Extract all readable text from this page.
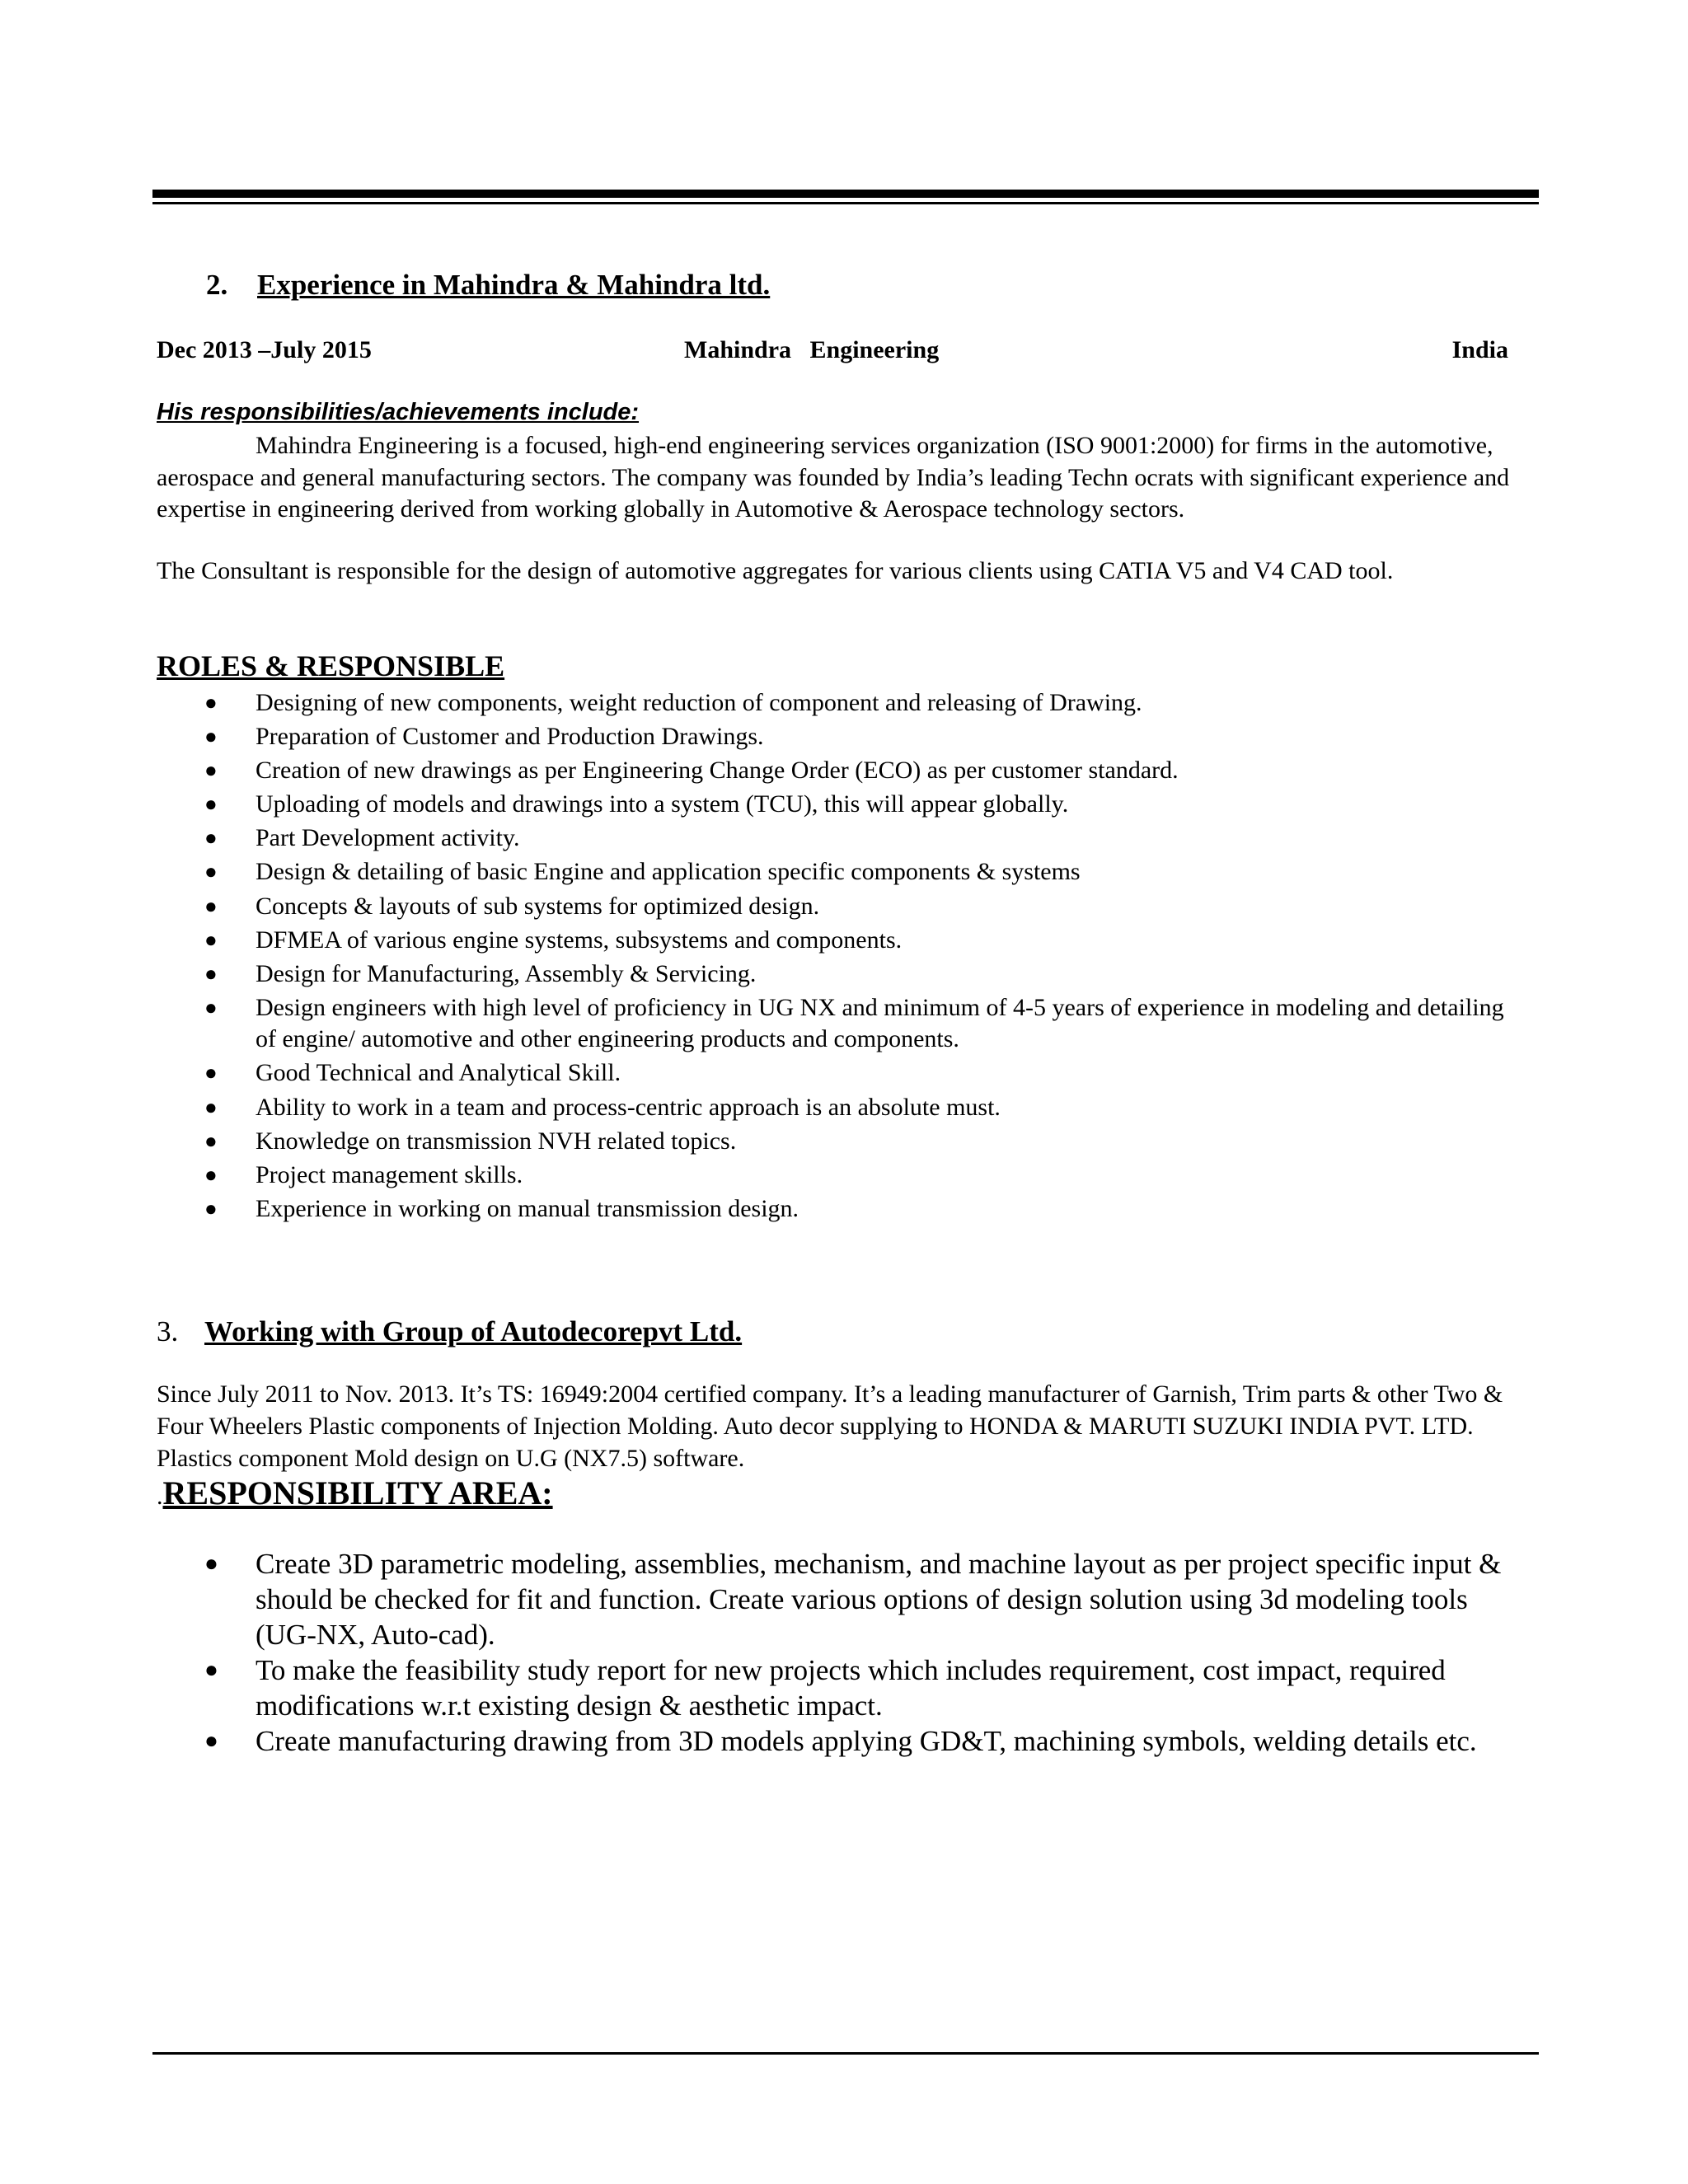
2. Experience in Mahindra & Mahindra ltd.
Dec 2013 –July 2015	Mahindra   Engineering	India
His responsibilities/achievements include:
Mahindra Engineering is a focused, high-end engineering services organization (ISO 9001:2000) for firms in the automotive, aerospace and general manufacturing sectors. The company was founded by India’s leading Techn ocrats with significant experience and expertise in engineering derived from working globally in Automotive & Aerospace technology sectors.
The Consultant is responsible for the design of automotive aggregates for various clients using CATIA V5 and V4 CAD tool.
ROLES & RESPONSIBLE
● Designing of new components, weight reduction of component and releasing of Drawing.
● Preparation of Customer and Production Drawings.
● Creation of new drawings as per Engineering Change Order (ECO) as per customer standard.
● Uploading of models and drawings into a system (TCU), this will appear globally.
● Part Development activity.
● Design & detailing of basic Engine and application specific components & systems
● Concepts & layouts of sub systems for optimized design.
● DFMEA of various engine systems, subsystems and components.
● Design for Manufacturing, Assembly & Servicing.
● Design engineers with high level of proficiency in UG NX and minimum of 4-5 years of experience in modeling and detailing of engine/ automotive and other engineering products and components.
● Good Technical and Analytical Skill.
● Ability to work in a team and process-centric approach is an absolute must.
● Knowledge on transmission NVH related topics.
● Project management skills.
● Experience in working on manual transmission design.
3. Working with Group of Autodecorepvt Ltd.
Since July 2011 to Nov. 2013. It’s TS: 16949:2004 certified company. It’s a leading manufacturer of Garnish, Trim parts & other Two & Four Wheelers Plastic components of Injection Molding. Auto decor supplying to HONDA & MARUTI SUZUKI INDIA PVT. LTD. Plastics component Mold design on U.G (NX7.5) software.
.RESPONSIBILITY AREA:
● Create 3D parametric modeling, assemblies, mechanism, and machine layout as per project specific input & should be checked for fit and function. Create various options of design solution using 3d modeling tools (UG-NX, Auto-cad).
● To make the feasibility study report for new projects which includes requirement, cost impact, required modifications w.r.t existing design & aesthetic impact.
● Create manufacturing drawing from 3D models applying GD&T, machining symbols, welding details etc.
